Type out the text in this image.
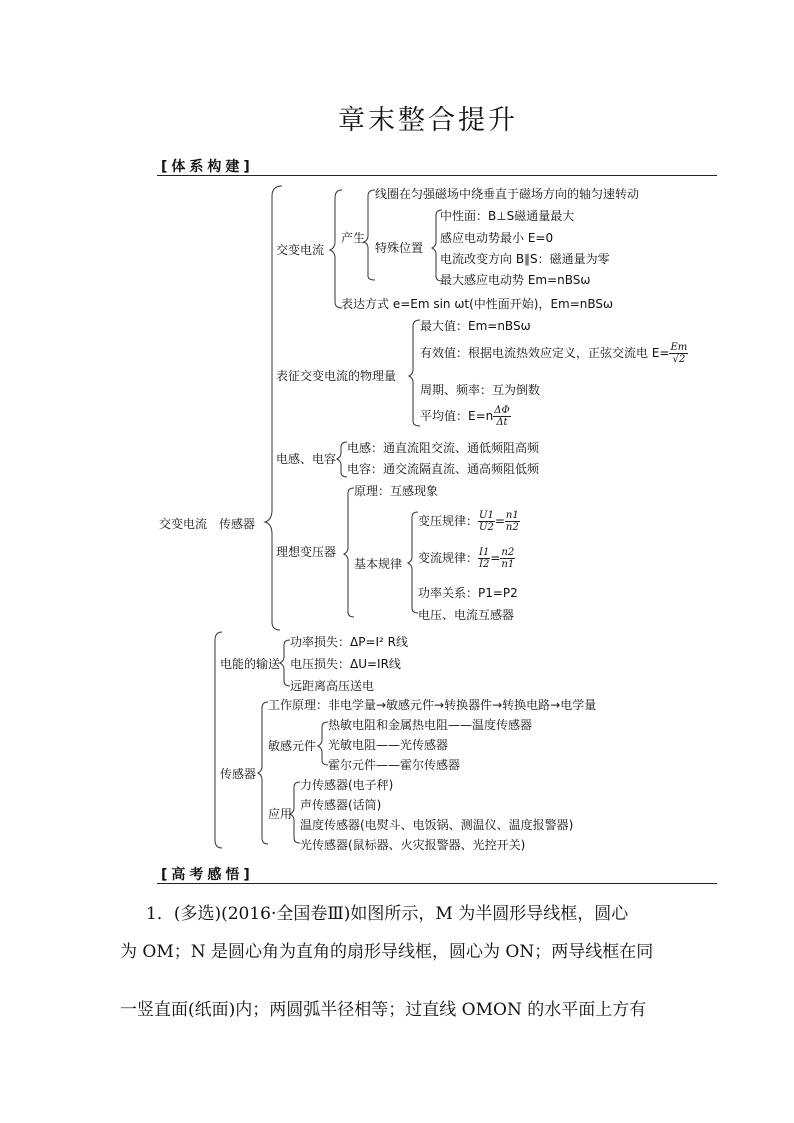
章末整合提升
[体系构建]
交变电流　传感器
交变电流
产生
线圈在匀强磁场中绕垂直于磁场方向的轴匀速转动
特殊位置
中性面：B⊥S磁通量最大
感应电动势最小 E=0
电流改变方向 B∥S：磁通量为零
最大感应电动势 Em=nBSω
表达方式 e=Em sin ωt(中性面开始)，Em=nBSω
表征交变电流的物理量
最大值：Em=nBSω
有效值：根据电流热效应定义，正弦交流电 $E= \frac{Em}{√2}$
周期、频率：互为倒数
平均值：$E=n \frac{\Delta\Phi}{\Delta t}$
电感、电容
电感：通直流阻交流、通低频阻高频
电容：通交流隔直流、通高频阻低频
理想变压器
原理：互感现象
基本规律
变压规律： $\frac{U1}{U2} = \frac{n1}{n2}$
变流规律： $\frac{I1}{I2} = \frac{n2}{n1}$
功率关系：P1=P2
电压、电流互感器
电能的输送
功率损失：ΔP=I² R线
电压损失：ΔU=IR线
远距离高压送电
传感器
工作原理：非电学量→敏感元件→转换器件→转换电路→电学量
敏感元件
热敏电阻和金属热电阻——温度传感器
光敏电阻——光传感器
霍尔元件——霍尔传感器
应用
力传感器(电子秤)
声传感器(话筒)
温度传感器(电熨斗、电饭锅、测温仪、温度报警器)
光传感器(鼠标器、火灾报警器、光控开关)
[高考感悟]
1．(多选)(2016·全国卷Ⅲ)如图所示，M 为半圆形导线框，圆心
为 OM；N 是圆心角为直角的扇形导线框，圆心为 ON；两导线框在同
一竖直面(纸面)内；两圆弧半径相等；过直线 OMON 的水平面上方有
